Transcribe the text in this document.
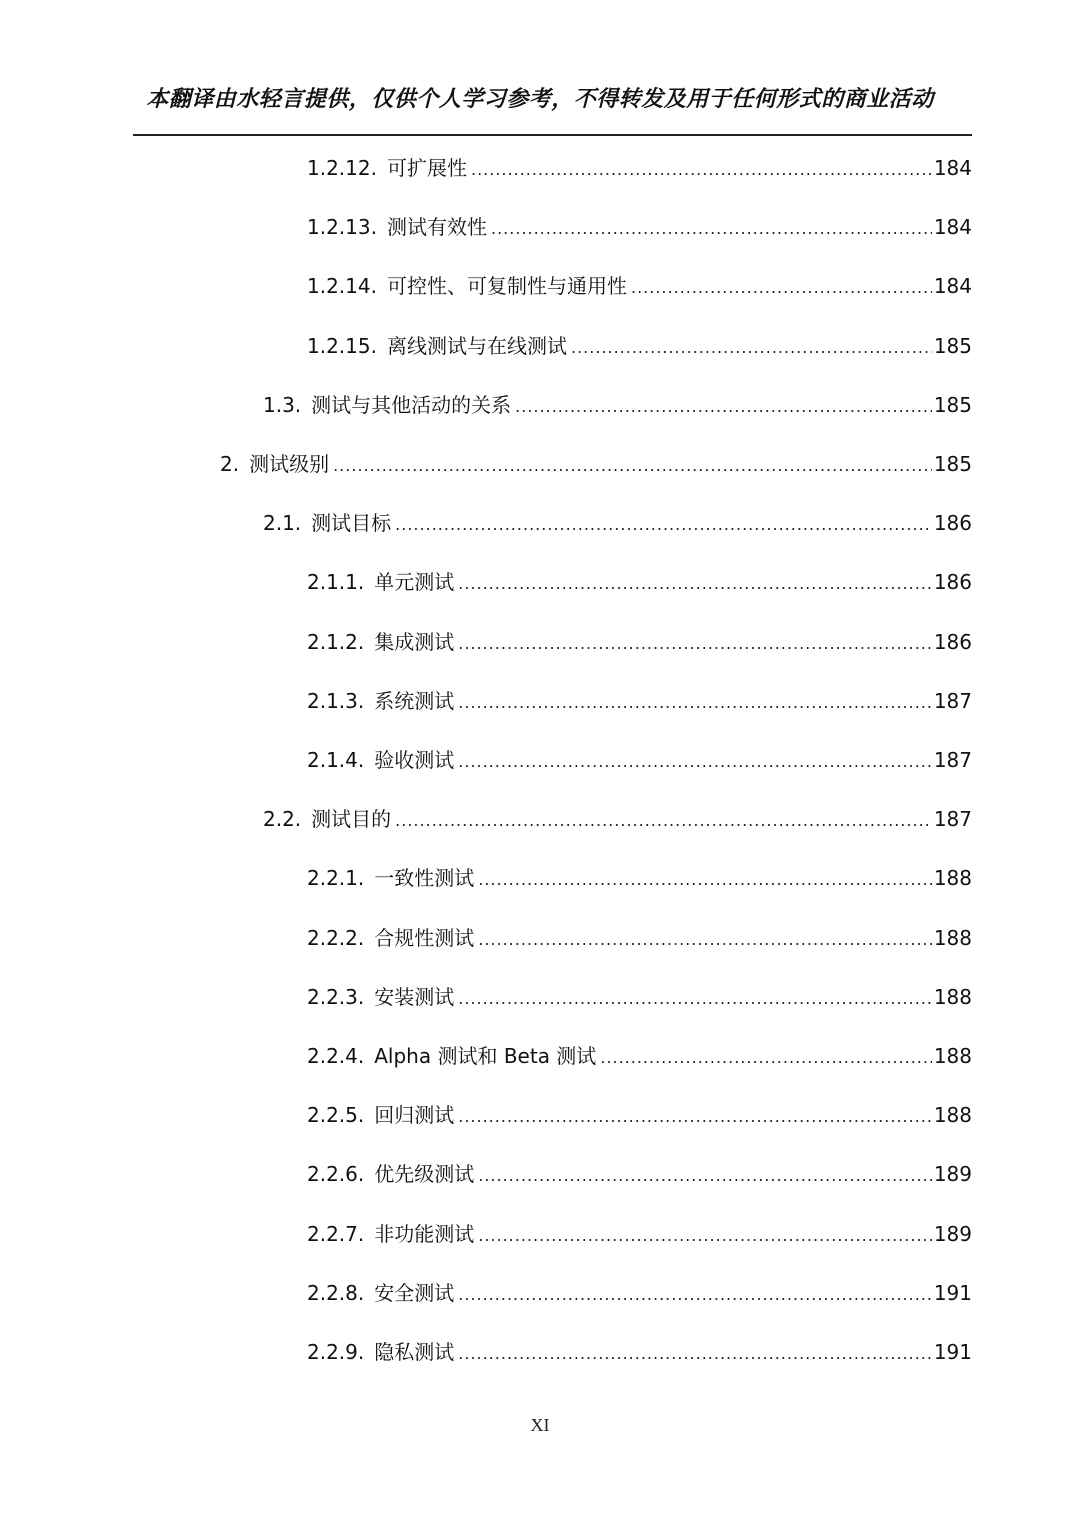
本翻译由水轻言提供，仅供个人学习参考，不得转发及用于任何形式的商业活动
1.2.12. 可扩展性 .....	184
1.2.13. 测试有效性 .....	184
1.2.14. 可控性、可复制性与通用性 .....	184
1.2.15. 离线测试与在线测试 .....	185
1.3. 测试与其他活动的关系 .....	185
2. 测试级别 .....	185
2.1. 测试目标 .....	186
2.1.1. 单元测试 .....	186
2.1.2. 集成测试 .....	186
2.1.3. 系统测试 .....	187
2.1.4. 验收测试 .....	187
2.2. 测试目的 .....	187
2.2.1. 一致性测试 .....	188
2.2.2. 合规性测试 .....	188
2.2.3. 安装测试 .....	188
2.2.4. Alpha 测试和 Beta 测试 .....	188
2.2.5. 回归测试 .....	188
2.2.6. 优先级测试 .....	189
2.2.7. 非功能测试 .....	189
2.2.8. 安全测试 .....	191
2.2.9. 隐私测试 .....	191
XI
